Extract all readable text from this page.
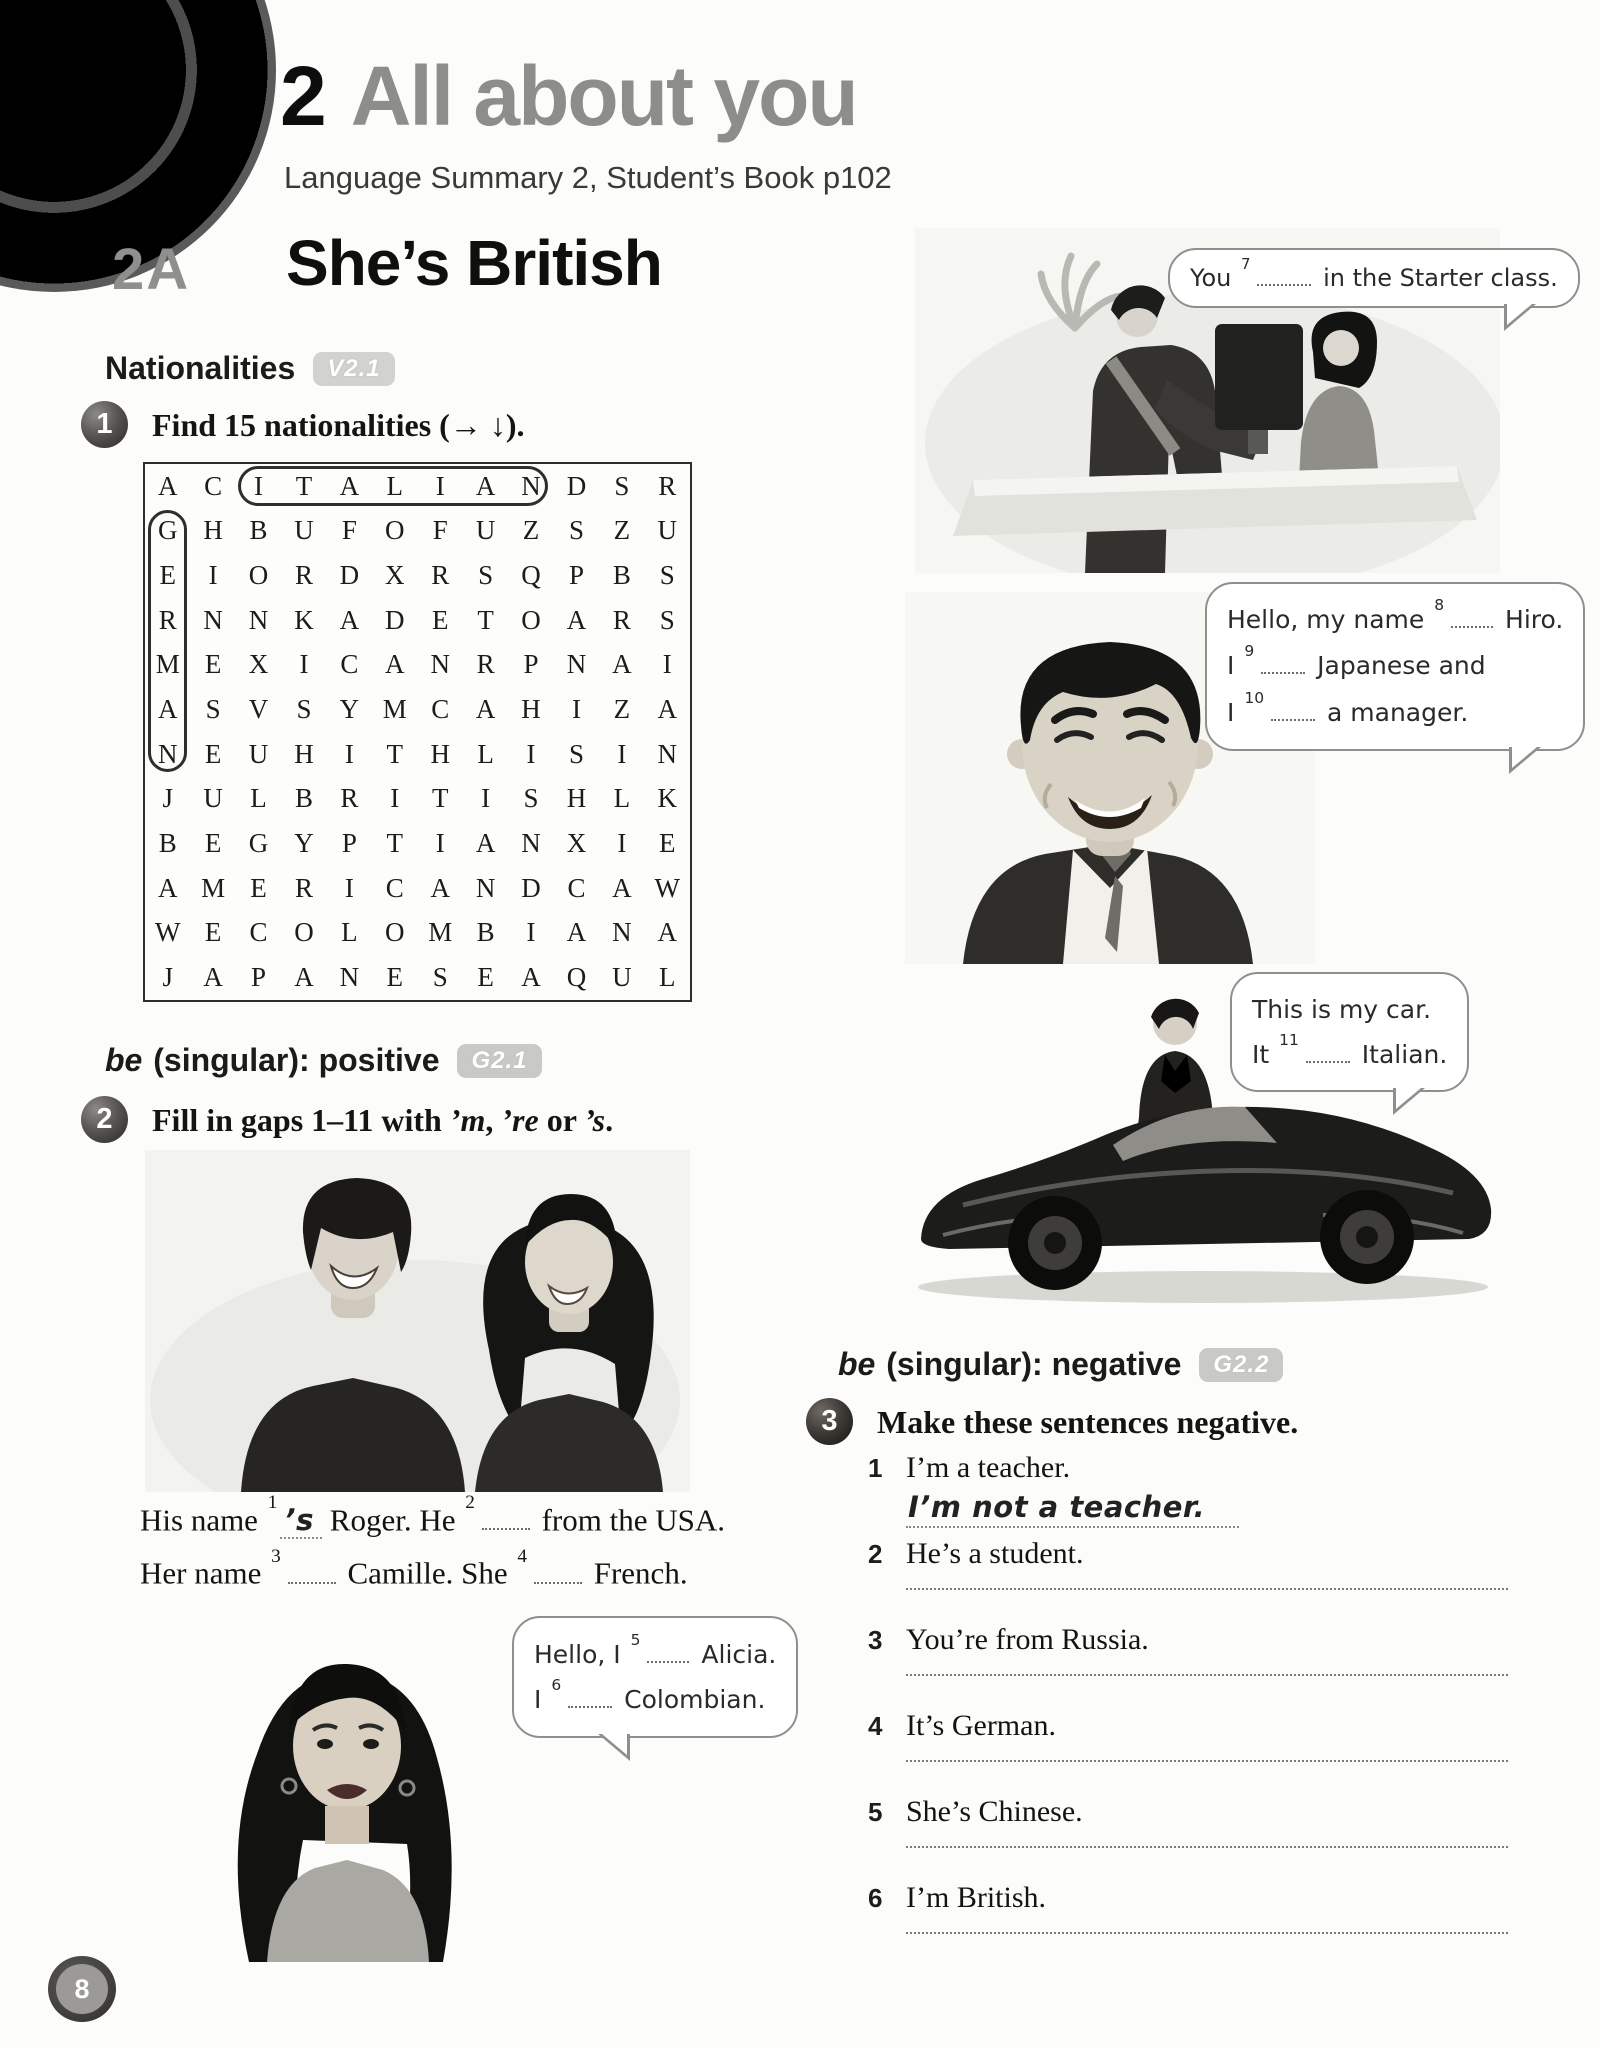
2 All about you
Language Summary 2, Student’s Book p102
2A She’s British
Nationalities	V2.1
1	Find 15 nationalities (→ ↓).
A C I T A L I A N D S R
G H B U F O F U Z S Z U
E I O R D X R S Q P B S
R N N K A D E T O A R S
M E X I C A N R P N A I
A S V S Y M C A H I Z A
N E U H I T H L I S I N
J U L B R I T I S H L K
B E G Y P T I A N X I E
A M E R I C A N D C A W
W E C O L O M B I A N A
J A P A N E S E A Q U L
be (singular): positive	G2.1
2	Fill in gaps 1–11 with ’m, ’re or ’s.
His name $^1$’s Roger. He $^2$ from the USA.
Her name $^3$ Camille. She $^4$ French.
Hello, I $^5$ Alicia.
I $^6$ Colombian.
You $^7$ in the Starter class.
Hello, my name $^8$ Hiro.
I $^9$ Japanese and
I $^{10}$ a manager.
This is my car.
It $^{11}$ Italian.
be (singular): negative	G2.2
3	Make these sentences negative.
1 I’m a teacher.
I’m not a teacher.
2 He’s a student.
3 You’re from Russia.
4 It’s German.
5 She’s Chinese.
6 I’m British.
8
